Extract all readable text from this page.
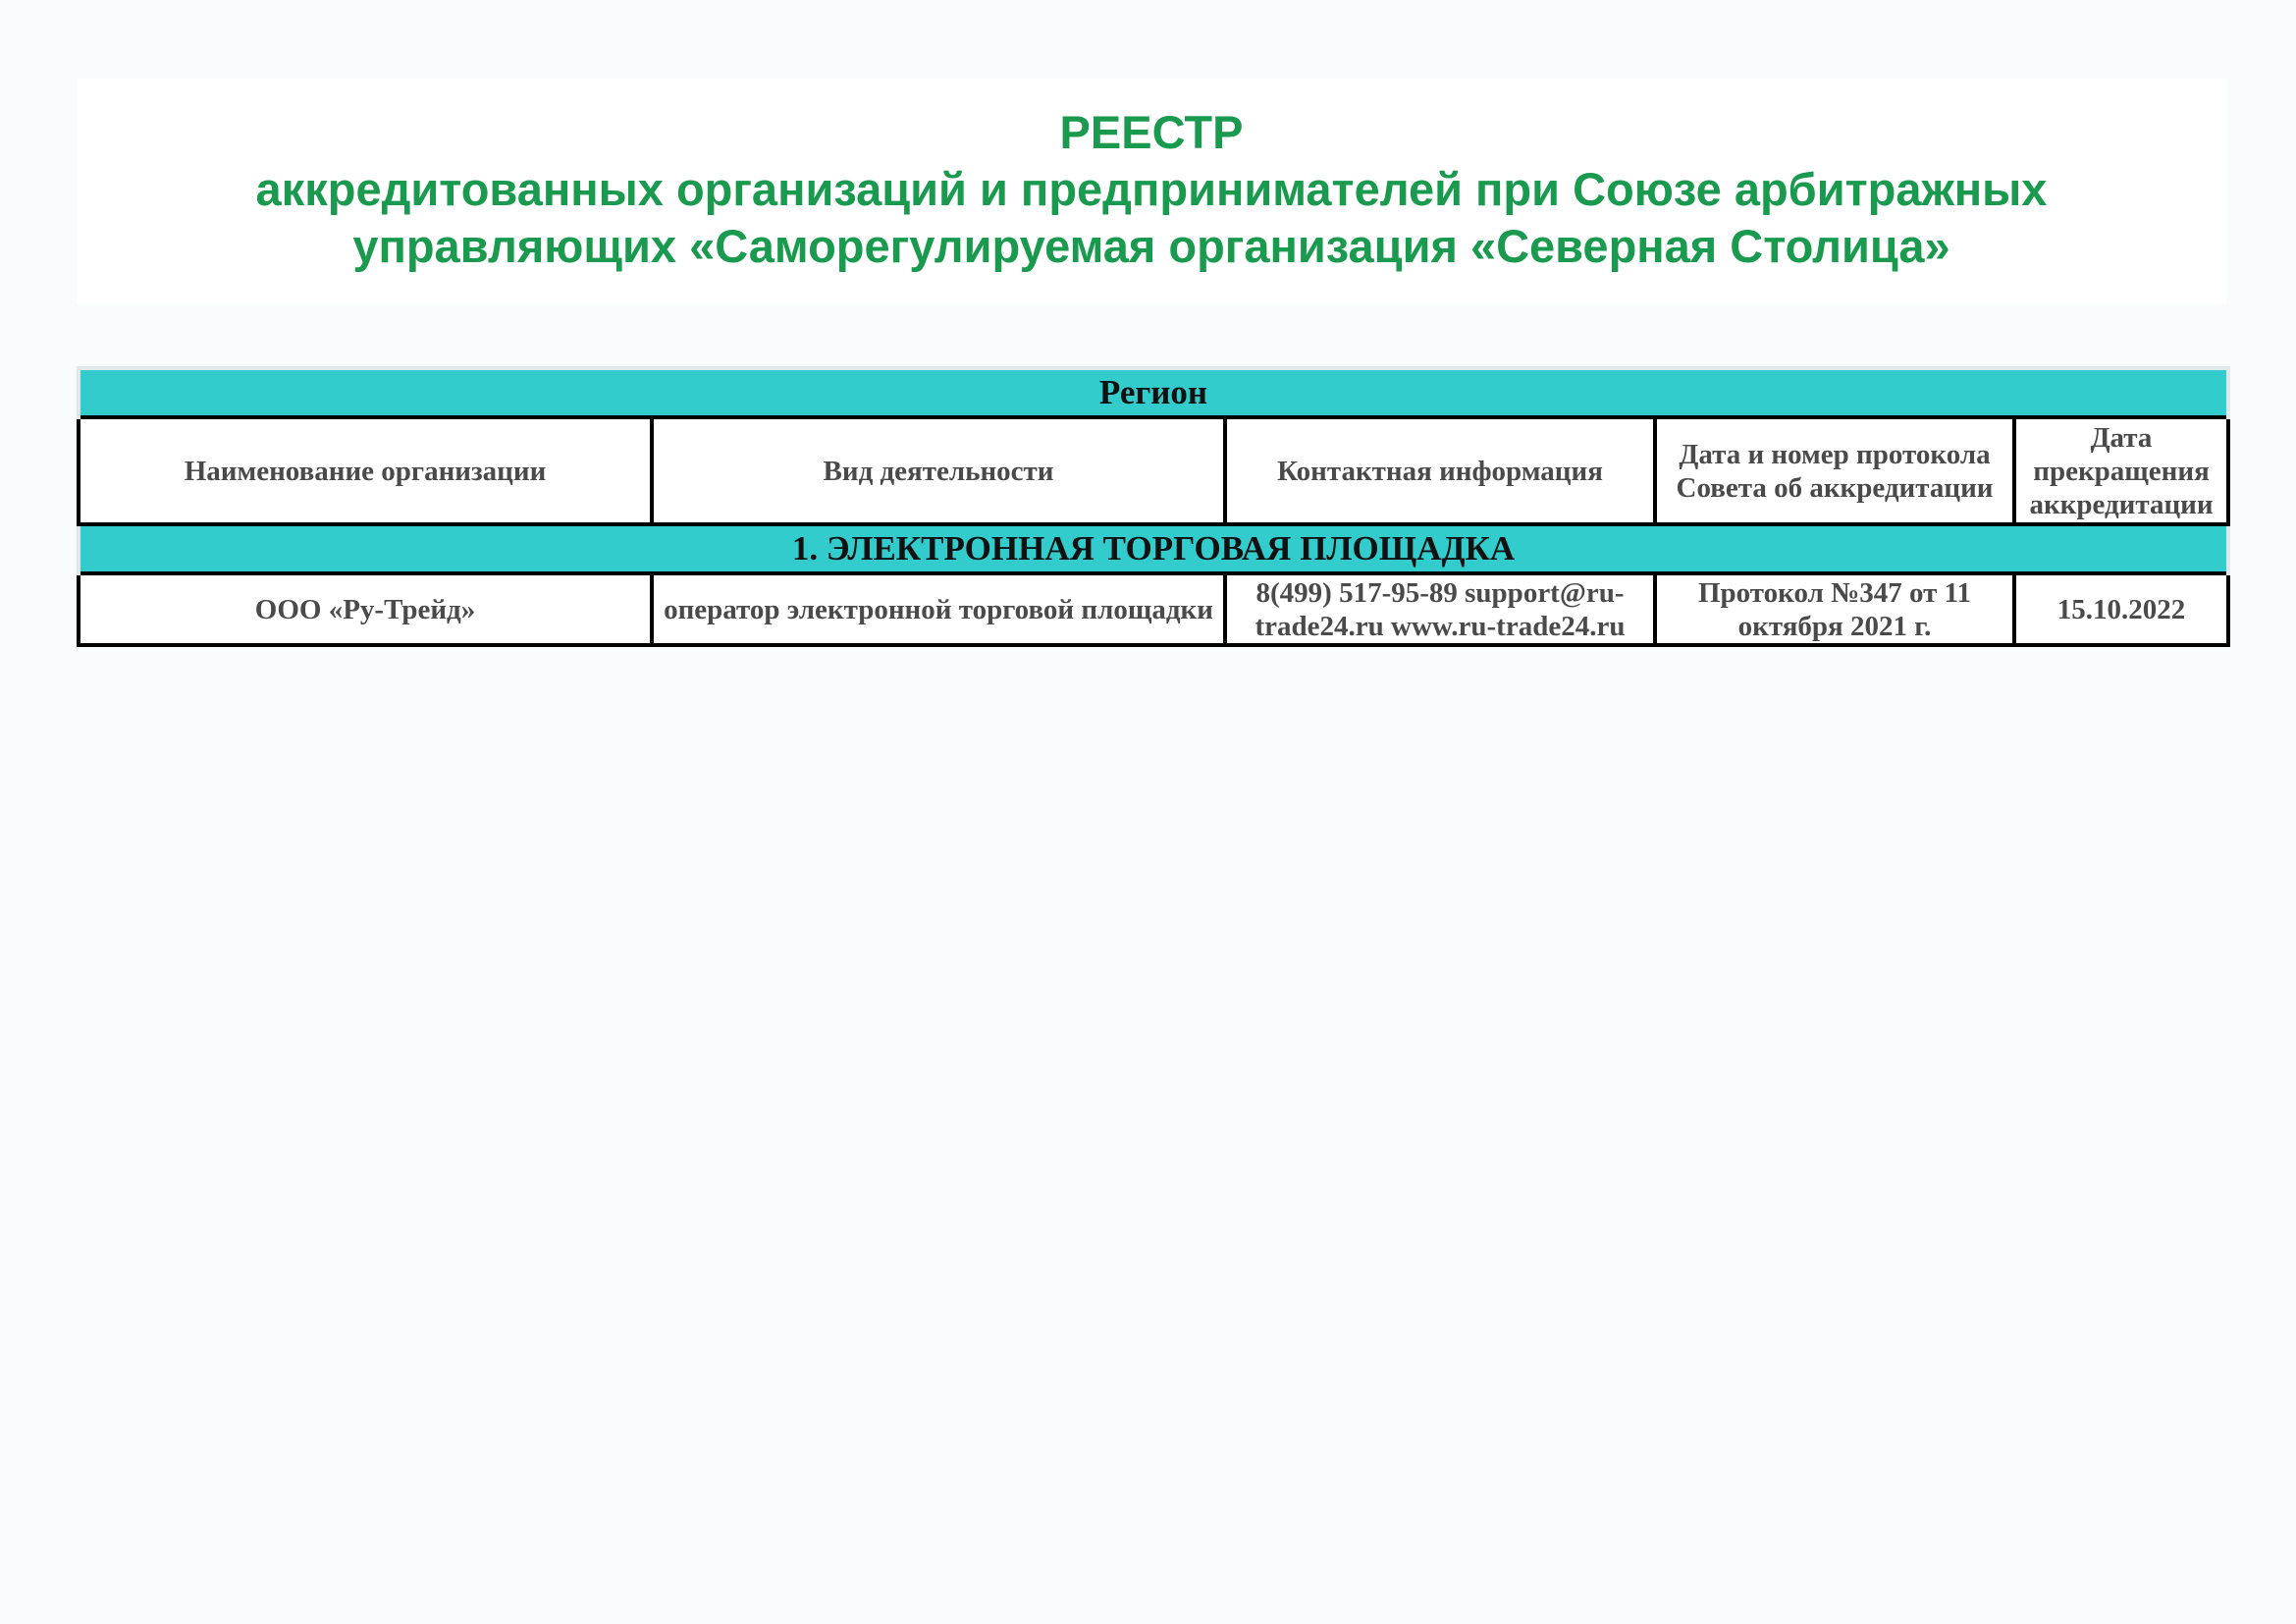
РЕЕСТР

аккредитованных организаций и предпринимателей при Союзе арбитражных

управляющих «Саморегулируемая организация «Северная Столица»

Регион				
Наименование организации	Вид деятельности	Контактная информация	Дата и номер протокола Совета об аккредитации	Дата прекращения аккредитации
1. ЭЛЕКТРОННАЯ ТОРГОВАЯ ПЛОЩАДКА				
ООО «Ру-Трейд»	оператор электронной торговой площадки	8(499) 517-95-89 support@ru-trade24.ru www.ru-trade24.ru	Протокол №347 от 11 октября 2021 г.	15.10.2022
